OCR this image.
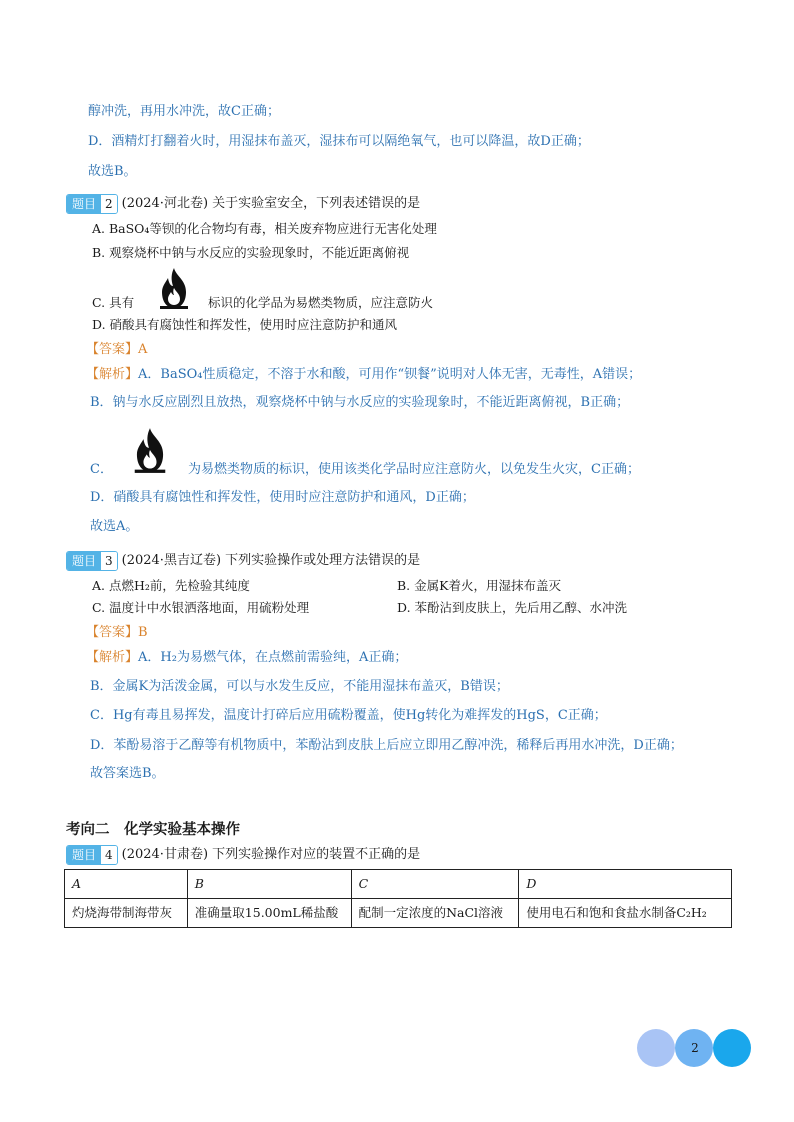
醇冲洗，再用水冲洗，故C正确；
D．酒精灯打翻着火时，用湿抹布盖灭，湿抹布可以隔绝氧气，也可以降温，故D正确；
故选B。
题目 2 (2024·河北卷) 关于实验室安全，下列表述错误的是
A. BaSO₄等钡的化合物均有毒，相关废弃物应进行无害化处理
B. 观察烧杯中钠与水反应的实验现象时，不能近距离俯视
C. 具有	标识的化学品为易燃类物质，应注意防火
D. 硝酸具有腐蚀性和挥发性，使用时应注意防护和通风
【答案】A
【解析】A．BaSO₄性质稳定，不溶于水和酸，可用作“钡餐”说明对人体无害，无毒性，A错误；
B．钠与水反应剧烈且放热，观察烧杯中钠与水反应的实验现象时，不能近距离俯视，B正确；
C．	为易燃类物质的标识，使用该类化学品时应注意防火，以免发生火灾，C正确；
D．硝酸具有腐蚀性和挥发性，使用时应注意防护和通风，D正确；
故选A。
题目 3 (2024·黑吉辽卷) 下列实验操作或处理方法错误的是
A. 点燃H₂前，先检验其纯度	B. 金属K着火，用湿抹布盖灭
C. 温度计中水银洒落地面，用硫粉处理	D. 苯酚沾到皮肤上，先后用乙醇、水冲洗
【答案】B
【解析】A．H₂为易燃气体，在点燃前需验纯，A正确；
B．金属K为活泼金属，可以与水发生反应，不能用湿抹布盖灭，B错误；
C．Hg有毒且易挥发，温度计打碎后应用硫粉覆盖，使Hg转化为难挥发的HgS，C正确；
D．苯酚易溶于乙醇等有机物质中，苯酚沾到皮肤上后应立即用乙醇冲洗，稀释后再用水冲洗，D正确；
故答案选B。
考向二　化学实验基本操作
题目 4 (2024·甘肃卷) 下列实验操作对应的装置不正确的是
A	B	C	D
灼烧海带制海带灰	准确量取15.00mL稀盐酸	配制一定浓度的NaCl溶液	使用电石和饱和食盐水制备C₂H₂
2
